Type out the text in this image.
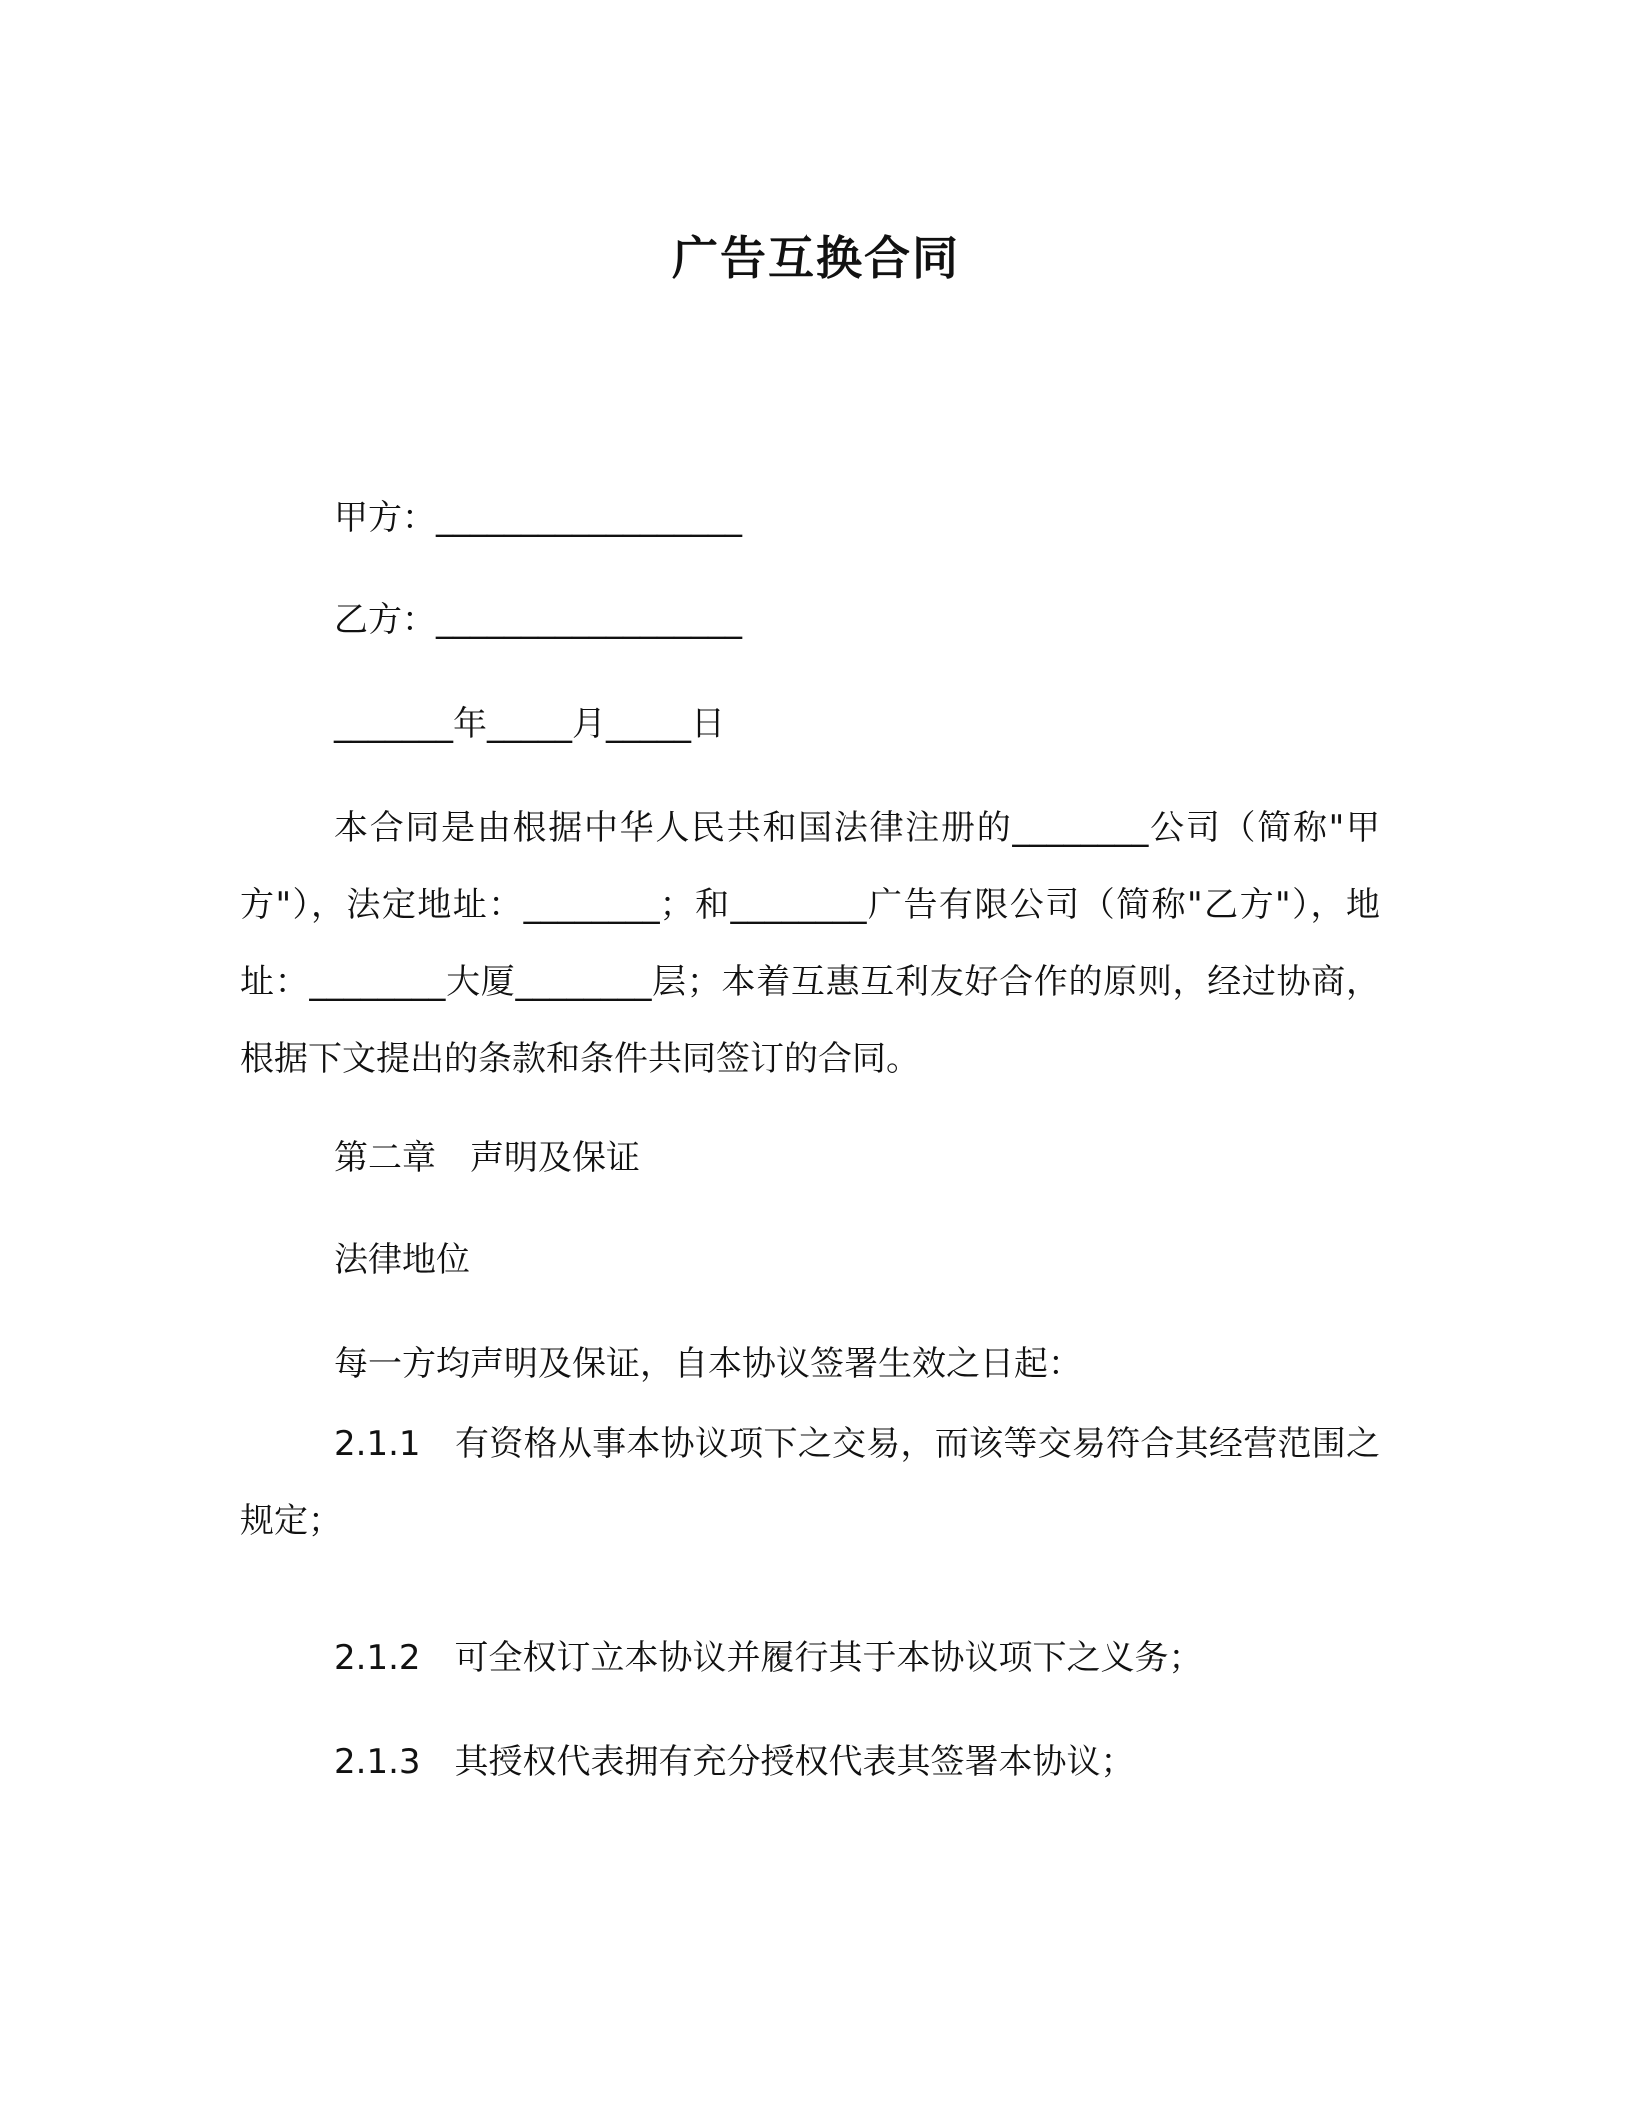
广告互换合同

甲方：__________________

乙方：__________________

_______年_____月_____日

本合同是由根据中华人民共和国法律注册的________公司（简称"甲方"），法定地址：________；和________广告有限公司（简称"乙方"），地址：________大厦________层；本着互惠互利友好合作的原则，经过协商，根据下文提出的条款和条件共同签订的合同。

第二章　声明及保证

法律地位

每一方均声明及保证，自本协议签署生效之日起：

2.1.1　有资格从事本协议项下之交易，而该等交易符合其经营范围之规定；

2.1.2　可全权订立本协议并履行其于本协议项下之义务；

2.1.3　其授权代表拥有充分授权代表其签署本协议；
